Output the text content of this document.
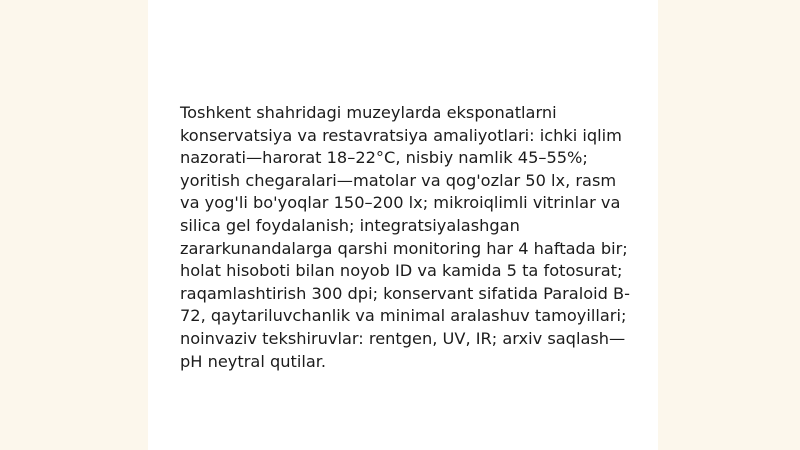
Toshkent shahridagi muzeylarda eksponatlarni konservatsiya va restavratsiya amaliyotlari: ichki iqlim nazorati—harorat 18–22°C, nisbiy namlik 45–55%; yoritish chegaralari—matolar va qog'ozlar 50 lx, rasm va yog'li bo'yoqlar 150–200 lx; mikroiqlimli vitrinlar va silica gel foydalanish; integratsiyalashgan zararkunandalarga qarshi monitoring har 4 haftada bir; holat hisoboti bilan noyob ID va kamida 5 ta fotosurat; raqamlashtirish 300 dpi; konservant sifatida Paraloid B-72, qaytariluvchanlik va minimal aralashuv tamoyillari; noinvaziv tekshiruvlar: rentgen, UV, IR; arxiv saqlash—pH neytral qutilar.
